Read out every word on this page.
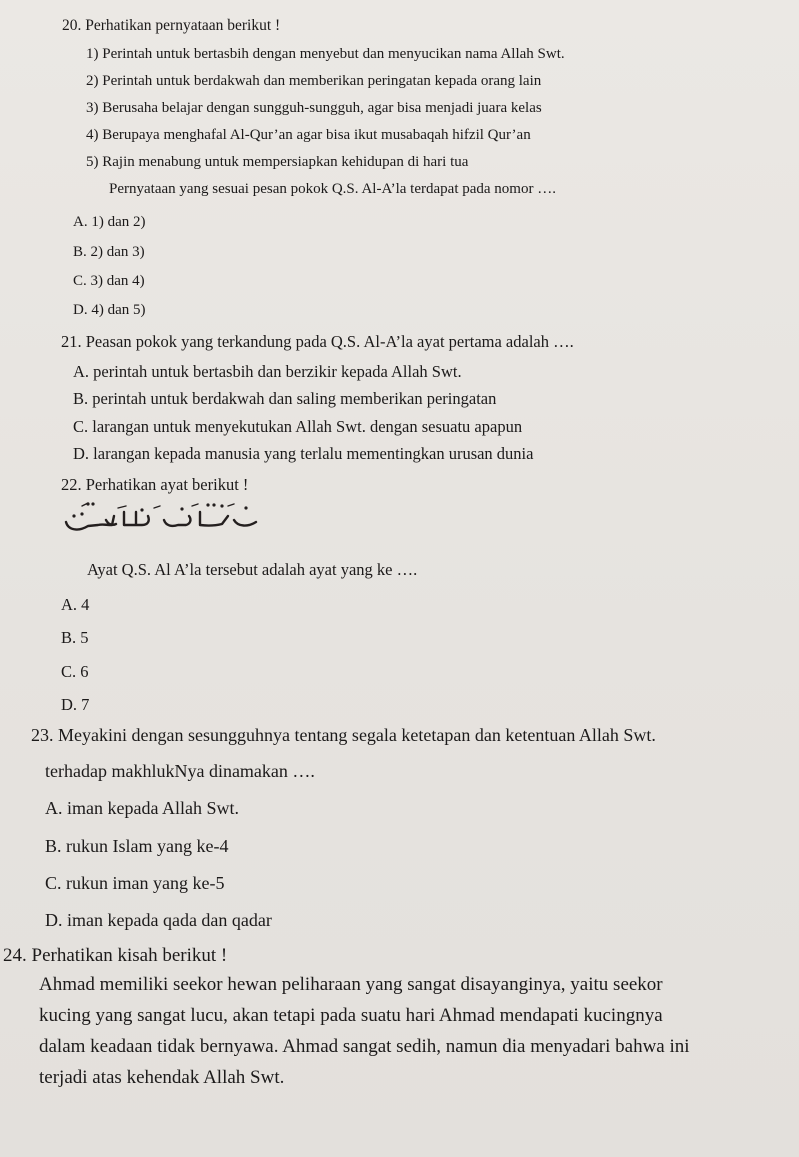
20. Perhatikan pernyataan berikut !
1) Perintah untuk bertasbih dengan menyebut dan menyucikan nama Allah Swt.
2) Perintah untuk berdakwah dan memberikan peringatan kepada orang lain
3) Berusaha belajar dengan sungguh-sungguh, agar bisa menjadi juara kelas
4) Berupaya menghafal Al-Qur’an agar bisa ikut musabaqah hifzil Qur’an
5) Rajin menabung untuk mempersiapkan kehidupan di hari tua
Pernyataan yang sesuai pesan pokok Q.S. Al-A’la terdapat pada nomor ….
A. 1) dan 2)
B. 2) dan 3)
C. 3) dan 4)
D. 4) dan 5)
21. Peasan pokok yang terkandung pada Q.S. Al-A’la ayat pertama adalah ….
A. perintah untuk bertasbih dan berzikir kepada Allah Swt.
B. perintah untuk berdakwah dan saling memberikan peringatan
C. larangan untuk menyekutukan Allah Swt. dengan sesuatu apapun
D. larangan kepada manusia yang terlalu mementingkan urusan dunia
22. Perhatikan ayat berikut !
Ayat Q.S. Al A’la tersebut adalah ayat yang ke ….
A. 4
B. 5
C. 6
D. 7
23. Meyakini dengan sesungguhnya tentang segala ketetapan dan ketentuan Allah Swt.
terhadap makhlukNya dinamakan ….
A. iman kepada Allah Swt.
B. rukun Islam yang ke-4
C. rukun iman yang ke-5
D. iman kepada qada dan qadar
24. Perhatikan kisah berikut !
Ahmad memiliki seekor hewan peliharaan yang sangat disayanginya, yaitu seekor
kucing yang sangat lucu, akan tetapi pada suatu hari Ahmad mendapati kucingnya
dalam keadaan tidak bernyawa. Ahmad sangat sedih, namun dia menyadari bahwa ini
terjadi atas kehendak Allah Swt.
